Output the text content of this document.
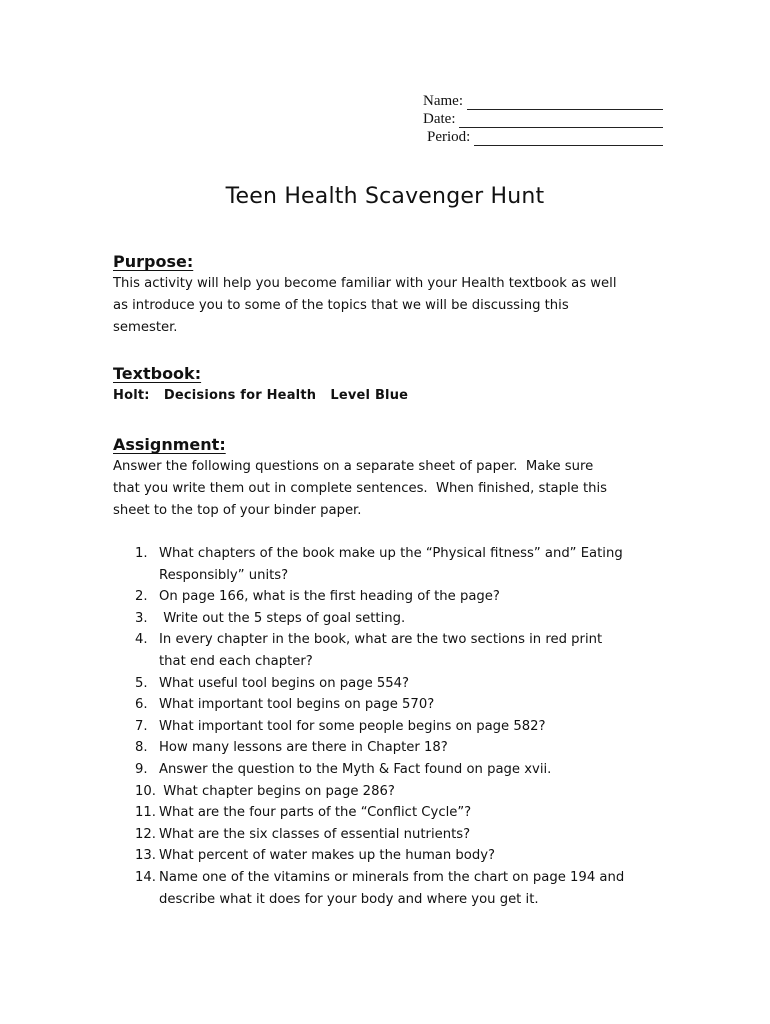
Name:
Date:
Period:
Teen Health Scavenger Hunt

Purpose:

This activity will help you become familiar with your Health textbook as well

as introduce you to some of the topics that we will be discussing this

semester.

Textbook:

Holt:   Decisions for Health   Level Blue

Assignment:

Answer the following questions on a separate sheet of paper.  Make sure

that you write them out in complete sentences.  When finished, staple this

sheet to the top of your binder paper.

1. What chapters of the book make up the “Physical fitness” and” Eating
Responsibly” units?
2. On page 166, what is the first heading of the page?
3. Write out the 5 steps of goal setting.
4. In every chapter in the book, what are the two sections in red print
that end each chapter?
5. What useful tool begins on page 554?
6. What important tool begins on page 570?
7. What important tool for some people begins on page 582?
8. How many lessons are there in Chapter 18?
9. Answer the question to the Myth & Fact found on page xvii.
10. What chapter begins on page 286?
11. What are the four parts of the “Conflict Cycle”?
12. What are the six classes of essential nutrients?
13. What percent of water makes up the human body?
14. Name one of the vitamins or minerals from the chart on page 194 and
describe what it does for your body and where you get it.
